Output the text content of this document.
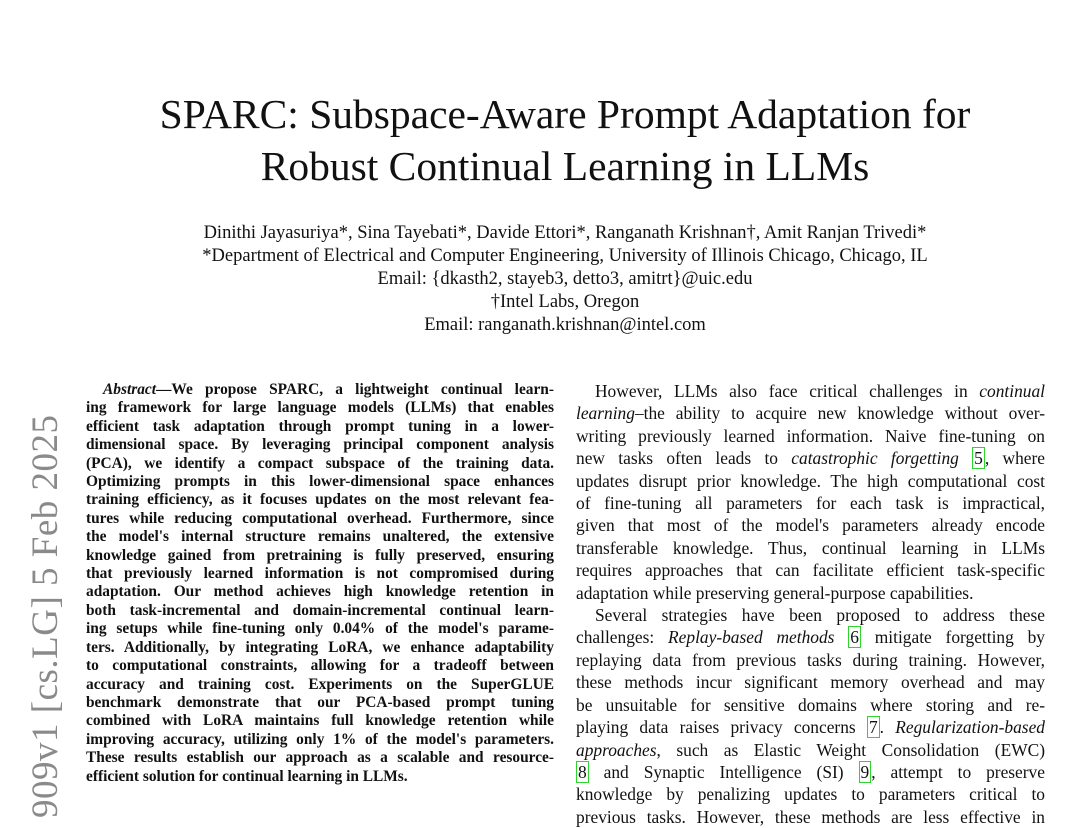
909v1 [cs.LG] 5 Feb 2025
SPARC: Subspace-Aware Prompt Adaptation for
Robust Continual Learning in LLMs
Dinithi Jayasuriya*, Sina Tayebati*, Davide Ettori*, Ranganath Krishnan†, Amit Ranjan Trivedi*
*Department of Electrical and Computer Engineering, University of Illinois Chicago, Chicago, IL
Email: {dkasth2, stayeb3, detto3, amitrt}@uic.edu
†Intel Labs, Oregon
Email: ranganath.krishnan@intel.com
Abstract—We propose SPARC, a lightweight continual learn-
ing framework for large language models (LLMs) that enables
efficient task adaptation through prompt tuning in a lower-
dimensional space. By leveraging principal component analysis
(PCA), we identify a compact subspace of the training data.
Optimizing prompts in this lower-dimensional space enhances
training efficiency, as it focuses updates on the most relevant fea-
tures while reducing computational overhead. Furthermore, since
the model's internal structure remains unaltered, the extensive
knowledge gained from pretraining is fully preserved, ensuring
that previously learned information is not compromised during
adaptation. Our method achieves high knowledge retention in
both task-incremental and domain-incremental continual learn-
ing setups while fine-tuning only 0.04% of the model's parame-
ters. Additionally, by integrating LoRA, we enhance adaptability
to computational constraints, allowing for a tradeoff between
accuracy and training cost. Experiments on the SuperGLUE
benchmark demonstrate that our PCA-based prompt tuning
combined with LoRA maintains full knowledge retention while
improving accuracy, utilizing only 1% of the model's parameters.
These results establish our approach as a scalable and resource-
efficient solution for continual learning in LLMs.
However, LLMs also face critical challenges in continual
learning–the ability to acquire new knowledge without over-
writing previously learned information. Naive fine-tuning on
new tasks often leads to catastrophic forgetting 5 , where
updates disrupt prior knowledge. The high computational cost
of fine-tuning all parameters for each task is impractical,
given that most of the model's parameters already encode
transferable knowledge. Thus, continual learning in LLMs
requires approaches that can facilitate efficient task-specific
adaptation while preserving general-purpose capabilities.
Several strategies have been proposed to address these
challenges: Replay-based methods 6 mitigate forgetting by
replaying data from previous tasks during training. However,
these methods incur significant memory overhead and may
be unsuitable for sensitive domains where storing and re-
playing data raises privacy concerns 7 . Regularization-based
approaches, such as Elastic Weight Consolidation (EWC)
8 and Synaptic Intelligence (SI) 9 , attempt to preserve
knowledge by penalizing updates to parameters critical to
previous tasks. However, these methods are less effective in
